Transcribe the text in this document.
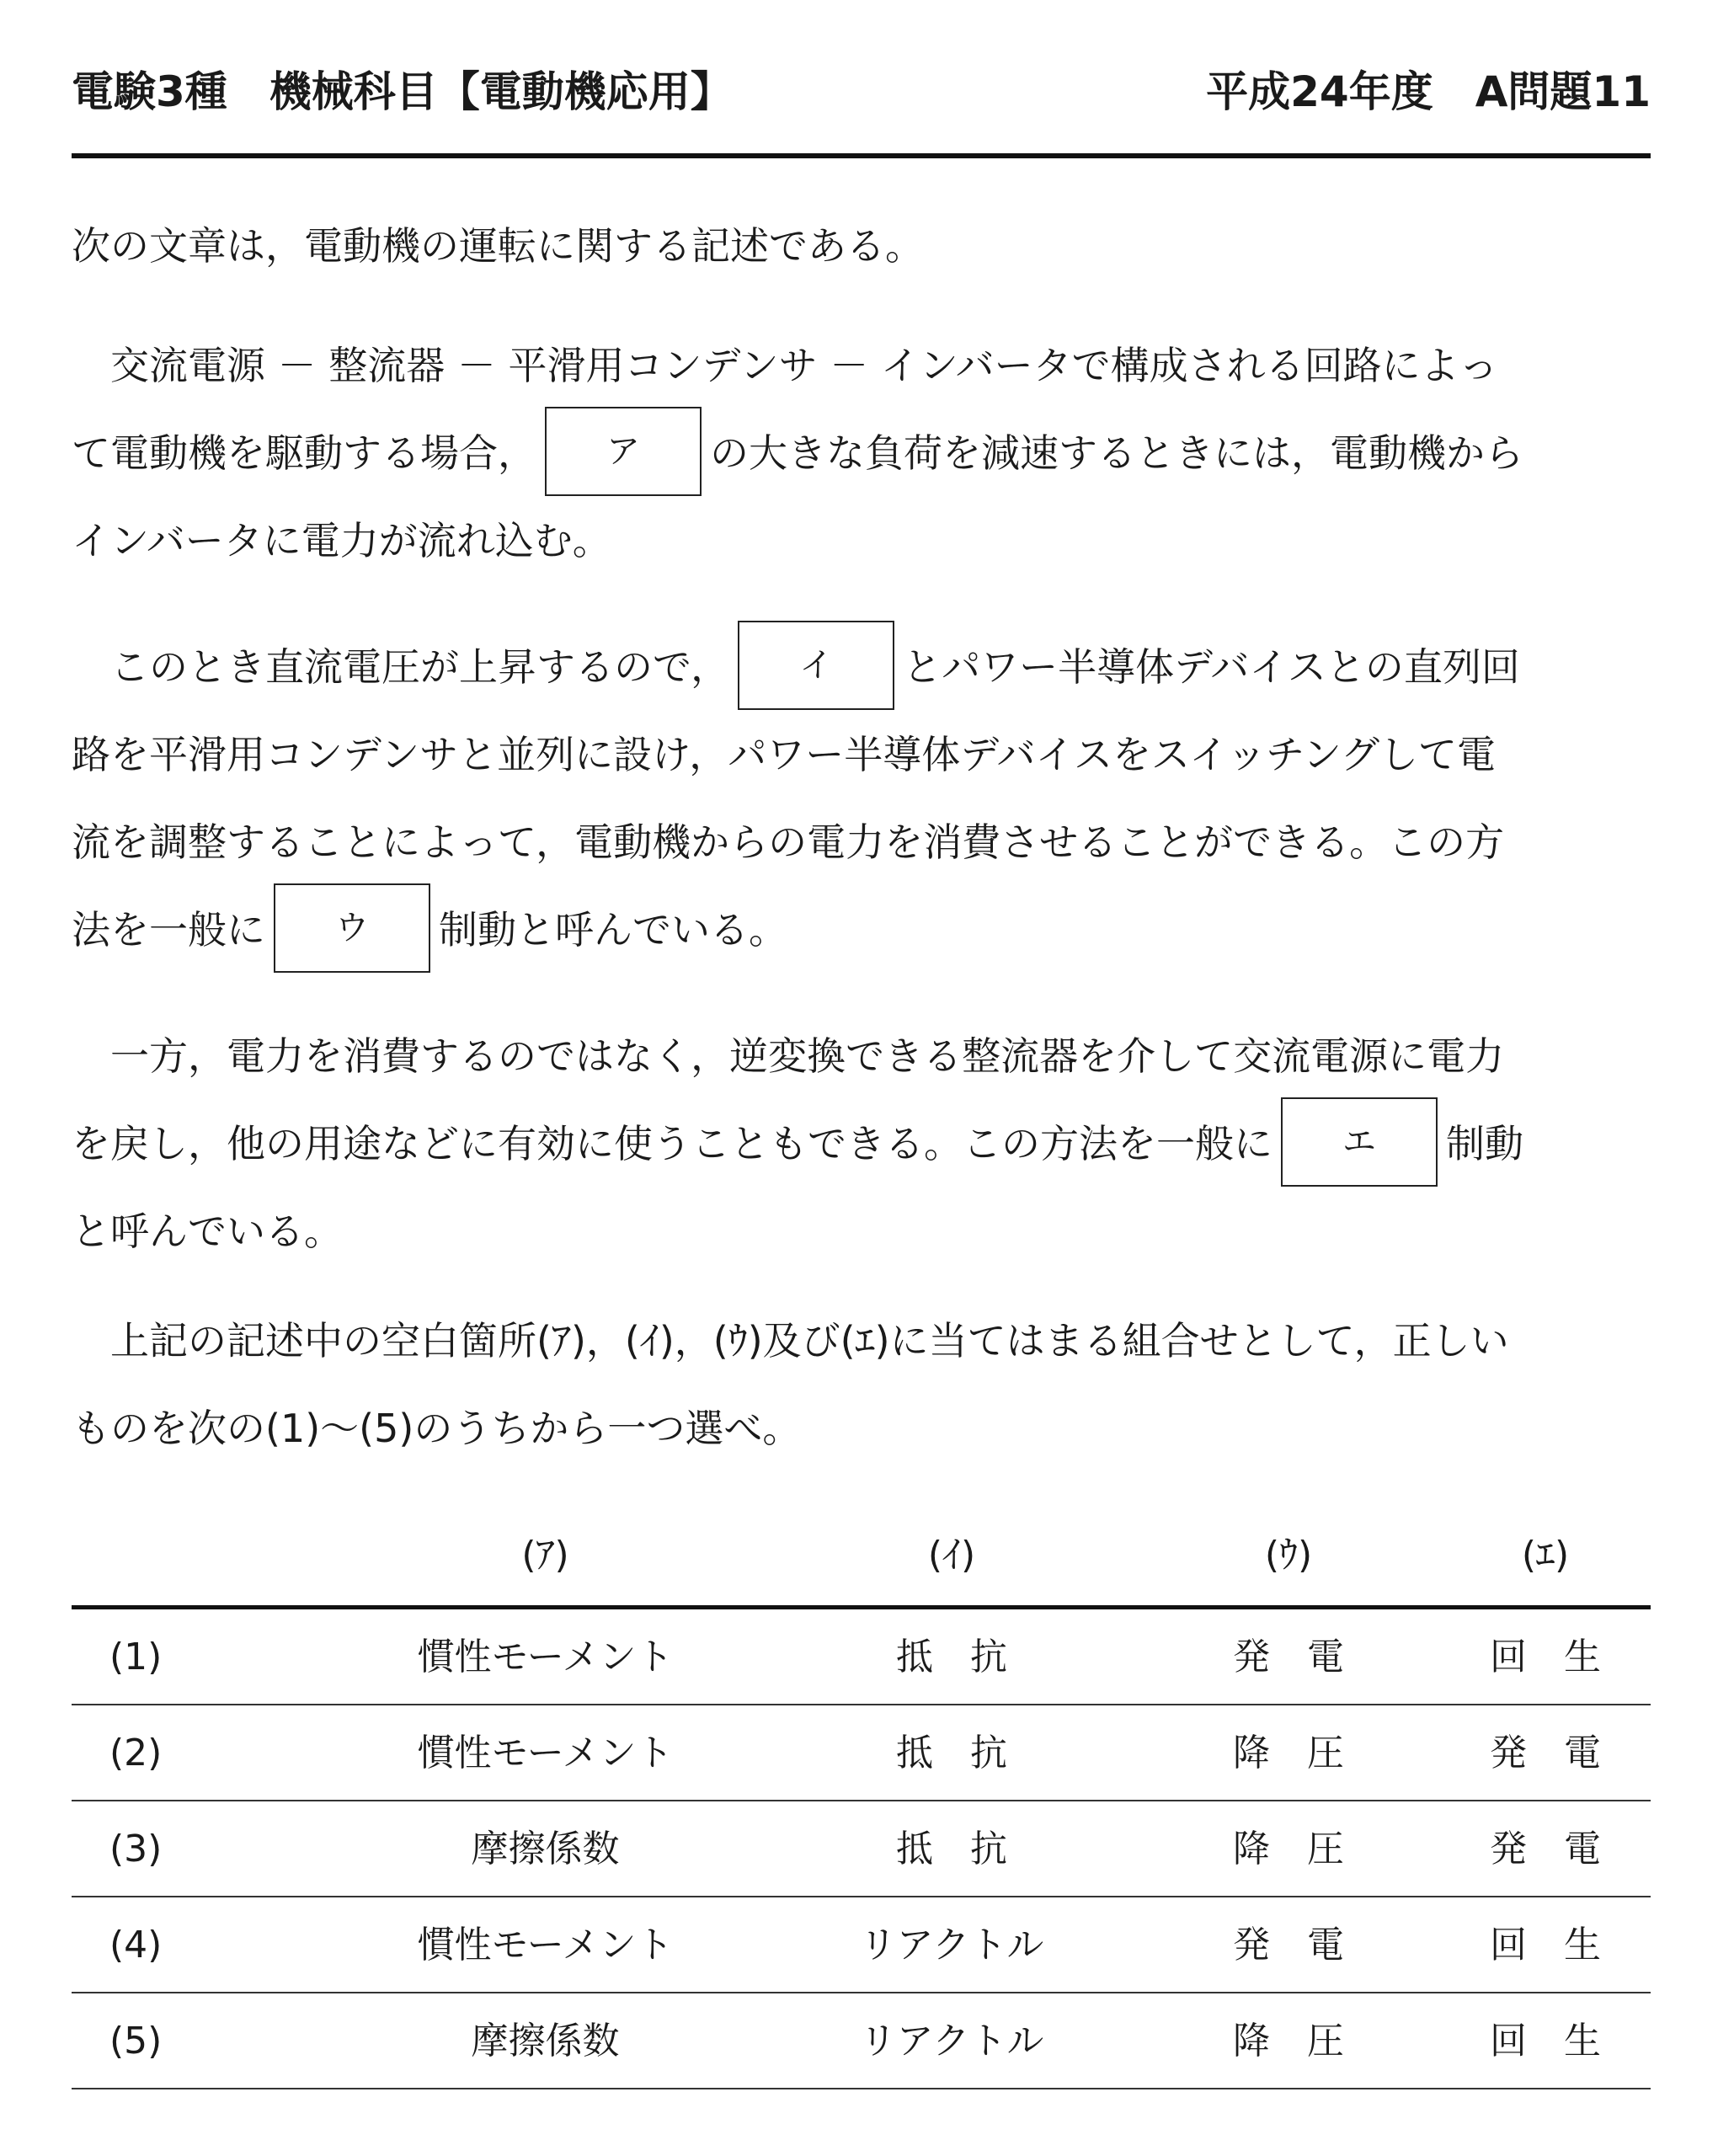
電験3種　機械科目【電動機応用】	平成24年度　A問題11
次の文章は，電動機の運転に関する記述である。
　交流電源 － 整流器 － 平滑用コンデンサ － インバータで構成される回路によっ
て電動機を駆動する場合， ア の大きな負荷を減速するときには，電動機から
インバータに電力が流れ込む。
　このとき直流電圧が上昇するので， イ とパワー半導体デバイスとの直列回
路を平滑用コンデンサと並列に設け，パワー半導体デバイスをスイッチングして電
流を調整することによって，電動機からの電力を消費させることができる。この方
法を一般に ウ 制動と呼んでいる。
　一方，電力を消費するのではなく，逆変換できる整流器を介して交流電源に電力
を戻し，他の用途などに有効に使うこともできる。この方法を一般に エ 制動
と呼んでいる。
　上記の記述中の空白箇所(ｱ)，(ｲ)，(ｳ)及び(ｴ)に当てはまる組合せとして，正しい
ものを次の(1)～(5)のうちから一つ選べ。
(ｱ)	(ｲ)	(ｳ)	(ｴ)
(1)	慣性モーメント	抵　抗	発　電	回　生
(2)	慣性モーメント	抵　抗	降　圧	発　電
(3)	摩擦係数	抵　抗	降　圧	発　電
(4)	慣性モーメント	リアクトル	発　電	回　生
(5)	摩擦係数	リアクトル	降　圧	回　生
